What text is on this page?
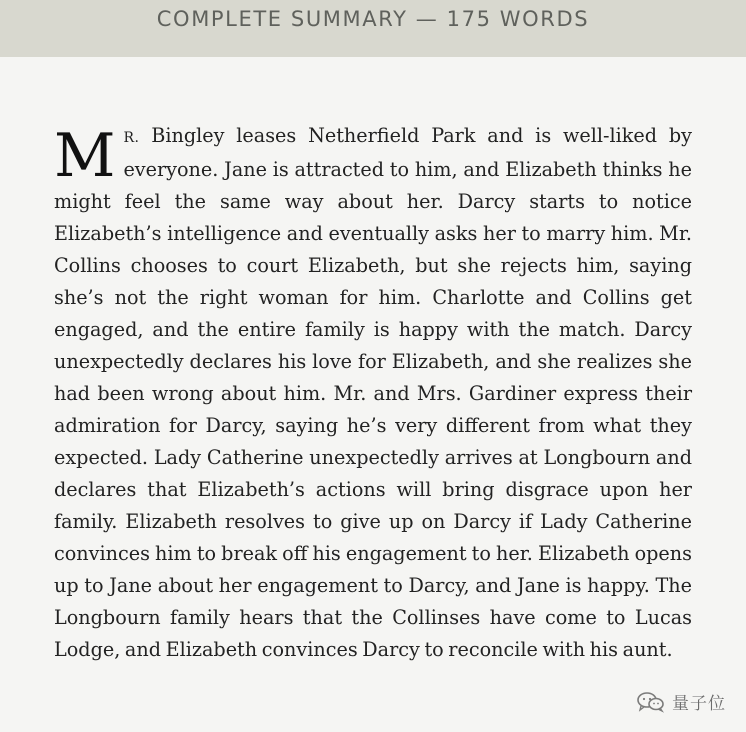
COMPLETE SUMMARY — 175 WORDS

M R. Bingley leases Netherfield Park and is well-liked by everyone. Jane is attracted to him, and Elizabeth thinks he might feel the same way about her. Darcy starts to notice Elizabeth’s intelligence and eventually asks her to marry him. Mr. Collins chooses to court Elizabeth, but she rejects him, saying she’s not the right woman for him. Charlotte and Collins get engaged, and the entire family is happy with the match. Darcy unexpectedly declares his love for Elizabeth, and she realizes she had been wrong about him. Mr. and Mrs. Gardiner express their admiration for Darcy, saying he’s very different from what they expected. Lady Catherine unexpectedly arrives at Longbourn and declares that Elizabeth’s actions will bring disgrace upon her family. Elizabeth resolves to give up on Darcy if Lady Catherine convinces him to break off his engagement to her. Elizabeth opens up to Jane about her engagement to Darcy, and Jane is happy. The Longbourn family hears that the Collinses have come to Lucas Lodge, and Elizabeth convinces Darcy to reconcile with his aunt.

量子位
